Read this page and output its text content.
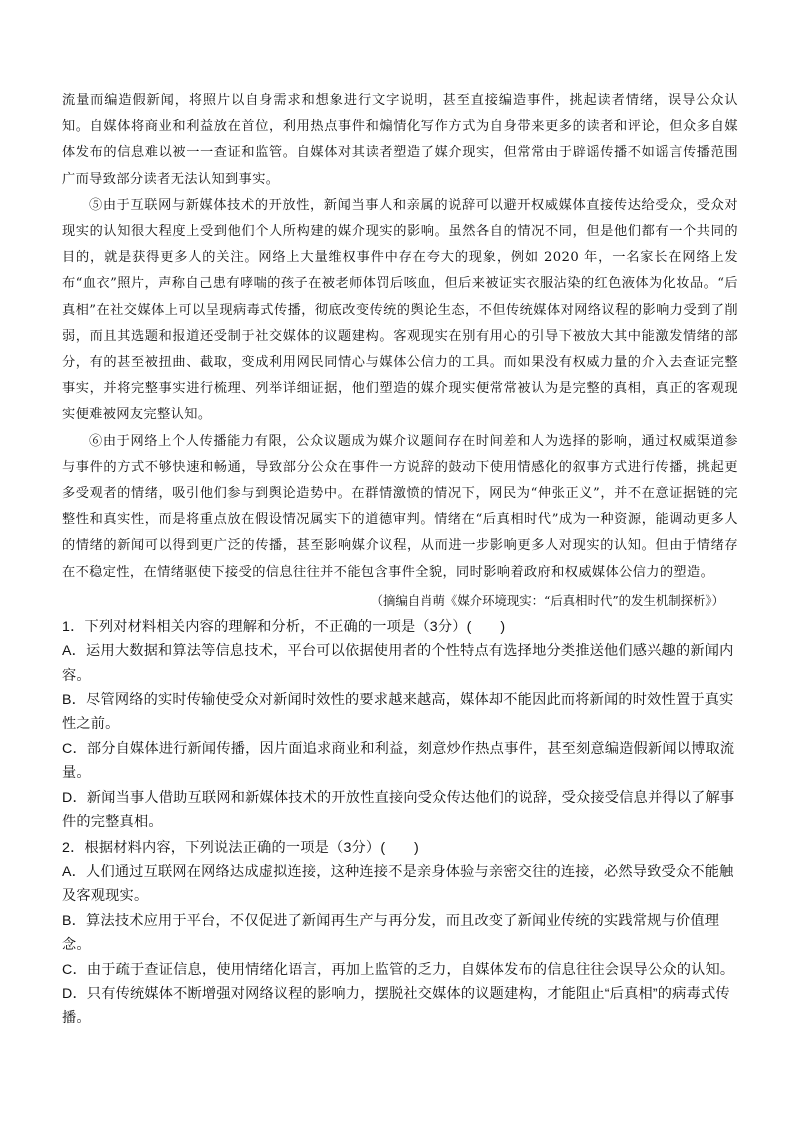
流量而编造假新闻，将照片以自身需求和想象进行文字说明，甚至直接编造事件，挑起读者情绪，误导公众认知。自媒体将商业和利益放在首位，利用热点事件和煽情化写作方式为自身带来更多的读者和评论，但众多自媒体发布的信息难以被一一查证和监管。自媒体对其读者塑造了媒介现实，但常常由于辟谣传播不如谣言传播范围广而导致部分读者无法认知到事实。

⑤由于互联网与新媒体技术的开放性，新闻当事人和亲属的说辞可以避开权威媒体直接传达给受众，受众对现实的认知很大程度上受到他们个人所构建的媒介现实的影响。虽然各自的情况不同，但是他们都有一个共同的目的，就是获得更多人的关注。网络上大量维权事件中存在夸大的现象，例如 2020 年，一名家长在网络上发布“血衣”照片，声称自己患有哮喘的孩子在被老师体罚后咳血，但后来被证实衣服沾染的红色液体为化妆品。“后真相”在社交媒体上可以呈现病毒式传播，彻底改变传统的舆论生态，不但传统媒体对网络议程的影响力受到了削弱，而且其选题和报道还受制于社交媒体的议题建构。客观现实在别有用心的引导下被放大其中能激发情绪的部分，有的甚至被扭曲、截取，变成利用网民同情心与媒体公信力的工具。而如果没有权威力量的介入去查证完整事实，并将完整事实进行梳理、列举详细证据，他们塑造的媒介现实便常常被认为是完整的真相，真正的客观现实便难被网友完整认知。

⑥由于网络上个人传播能力有限，公众议题成为媒介议题间存在时间差和人为选择的影响，通过权威渠道参与事件的方式不够快速和畅通，导致部分公众在事件一方说辞的鼓动下使用情感化的叙事方式进行传播，挑起更多受观者的情绪，吸引他们参与到舆论造势中。在群情激愤的情况下，网民为“伸张正义”，并不在意证据链的完整性和真实性，而是将重点放在假设情况属实下的道德审判。情绪在“后真相时代”成为一种资源，能调动更多人的情绪的新闻可以得到更广泛的传播，甚至影响媒介议程，从而进一步影响更多人对现实的认知。但由于情绪存在不稳定性，在情绪驱使下接受的信息往往并不能包含事件全貌，同时影响着政府和权威媒体公信力的塑造。

（摘编自肖萌《媒介环境现实：“后真相时代”的发生机制探析》）

1．下列对材料相关内容的理解和分析，不正确的一项是（3分）(　　)

A．运用大数据和算法等信息技术，平台可以依据使用者的个性特点有选择地分类推送他们感兴趣的新闻内容。

B．尽管网络的实时传输使受众对新闻时效性的要求越来越高，媒体却不能因此而将新闻的时效性置于真实性之前。

C．部分自媒体进行新闻传播，因片面追求商业和利益，刻意炒作热点事件，甚至刻意编造假新闻以博取流量。

D．新闻当事人借助互联网和新媒体技术的开放性直接向受众传达他们的说辞，受众接受信息并得以了解事件的完整真相。

2．根据材料内容，下列说法正确的一项是（3分）(　　)

A．人们通过互联网在网络达成虚拟连接，这种连接不是亲身体验与亲密交往的连接，必然导致受众不能触及客观现实。

B．算法技术应用于平台，不仅促进了新闻再生产与再分发，而且改变了新闻业传统的实践常规与价值理念。

C．由于疏于查证信息，使用情绪化语言，再加上监管的乏力，自媒体发布的信息往往会误导公众的认知。

D．只有传统媒体不断增强对网络议程的影响力，摆脱社交媒体的议题建构，才能阻止“后真相”的病毒式传播。
